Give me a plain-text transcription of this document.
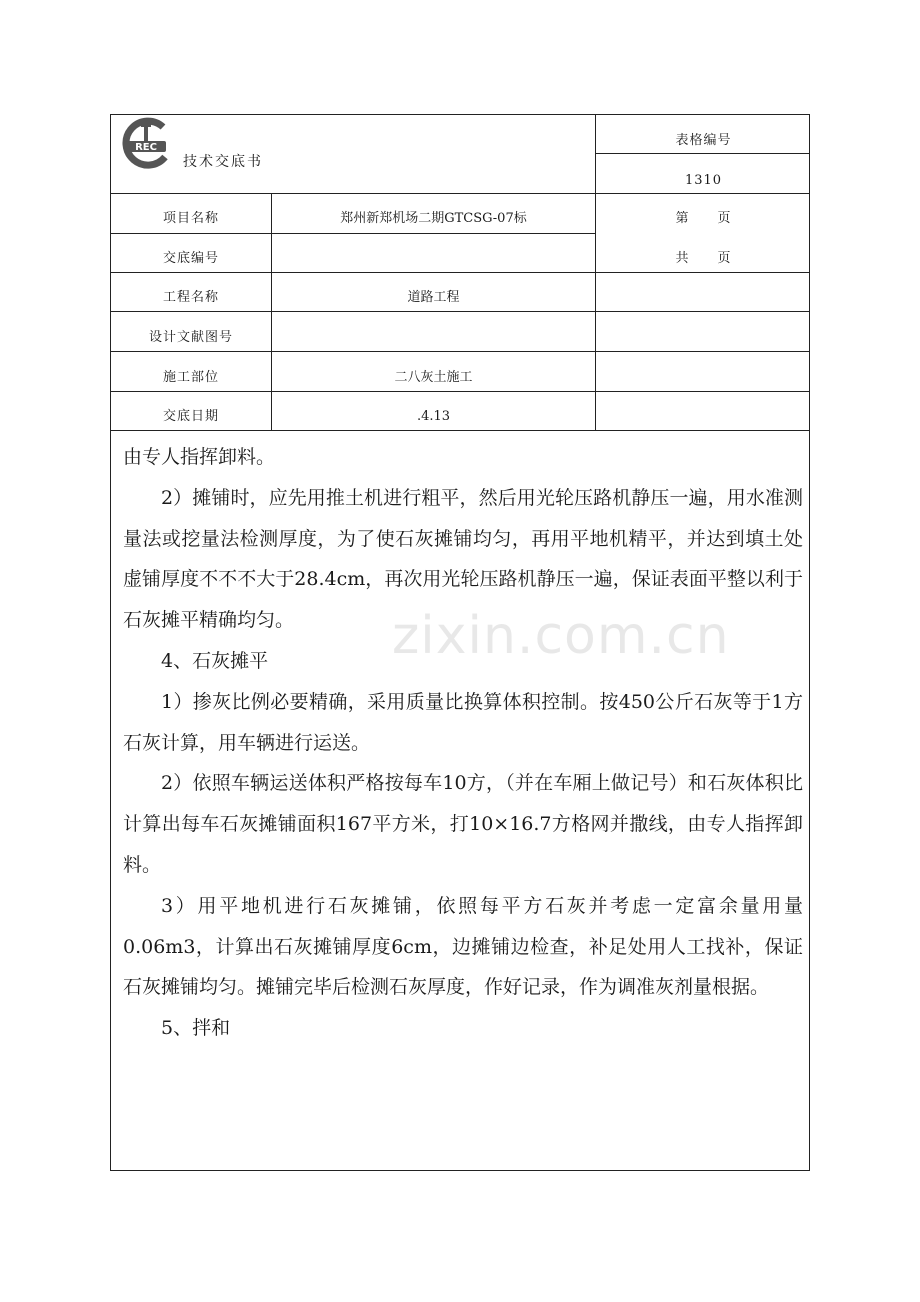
REC
技术交底书
表格编号
1310
项目名称	郑州新郑机场二期GTCSG-07标
交底编号
第　　页
共　　页
工程名称	道路工程
设计文献图号
施工部位	二八灰土施工
交底日期	.4.13

由专人指挥卸料。

2）摊铺时，应先用推土机进行粗平，然后用光轮压路机静压一遍，用水准测量法或挖量法检测厚度，为了使石灰摊铺均匀，再用平地机精平，并达到填土处虚铺厚度不不不大于28.4cm，再次用光轮压路机静压一遍，保证表面平整以利于石灰摊平精确均匀。

4、石灰摊平

1）掺灰比例必要精确，采用质量比换算体积控制。按450公斤石灰等于1方石灰计算，用车辆进行运送。

2）依照车辆运送体积严格按每车10方，（并在车厢上做记号）和石灰体积比计算出每车石灰摊铺面积167平方米，打10×16.7方格网并撒线，由专人指挥卸料。

3）用平地机进行石灰摊铺，依照每平方石灰并考虑一定富余量用量0.06m3，计算出石灰摊铺厚度6cm，边摊铺边检查，补足处用人工找补，保证石灰摊铺均匀。摊铺完毕后检测石灰厚度，作好记录，作为调准灰剂量根据。

5、拌和

zixin.com.cn
